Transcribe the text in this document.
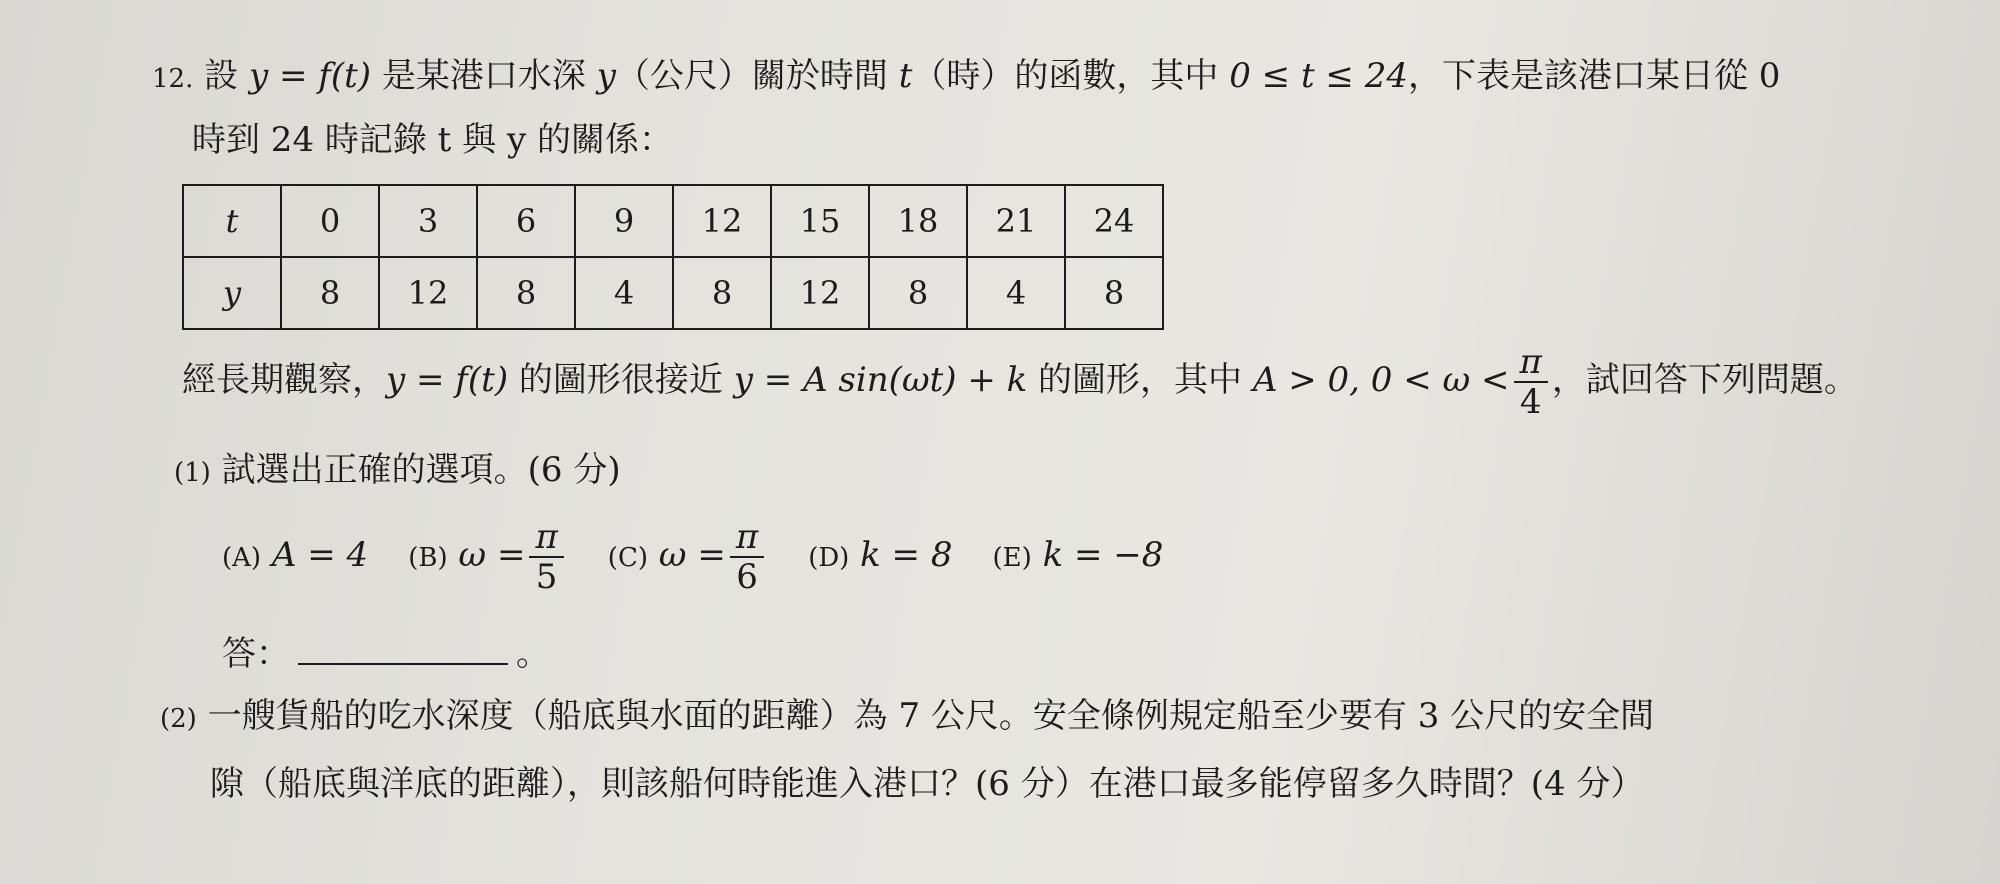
12. 設 y = f(t) 是某港口水深 y（公尺）關於時間 t（時）的函數，其中 0 ≤ t ≤ 24，下表是該港口某日從 0
時到 24 時記錄 t 與 y 的關係：
t	0	3	6	9	12	15	18	21	24
y	8	12	8	4	8	12	8	4	8
經長期觀察，y = f(t) 的圖形很接近 y = A sin(ωt) + k 的圖形，其中 A > 0, $0 < \omega < \frac{\pi}{4}$ ，試回答下列問題。
(1) 試選出正確的選項。(6 分)
(A) A = 4 (B) $\omega = \frac{\pi}{5} (C) \omega = \frac{\pi}{6} (D) k = 8$ (E) k = −8
答：	。
(2) 一艘貨船的吃水深度（船底與水面的距離）為 7 公尺。安全條例規定船至少要有 3 公尺的安全間
隙（船底與洋底的距離），則該船何時能進入港口？(6 分）在港口最多能停留多久時間？(4 分）
